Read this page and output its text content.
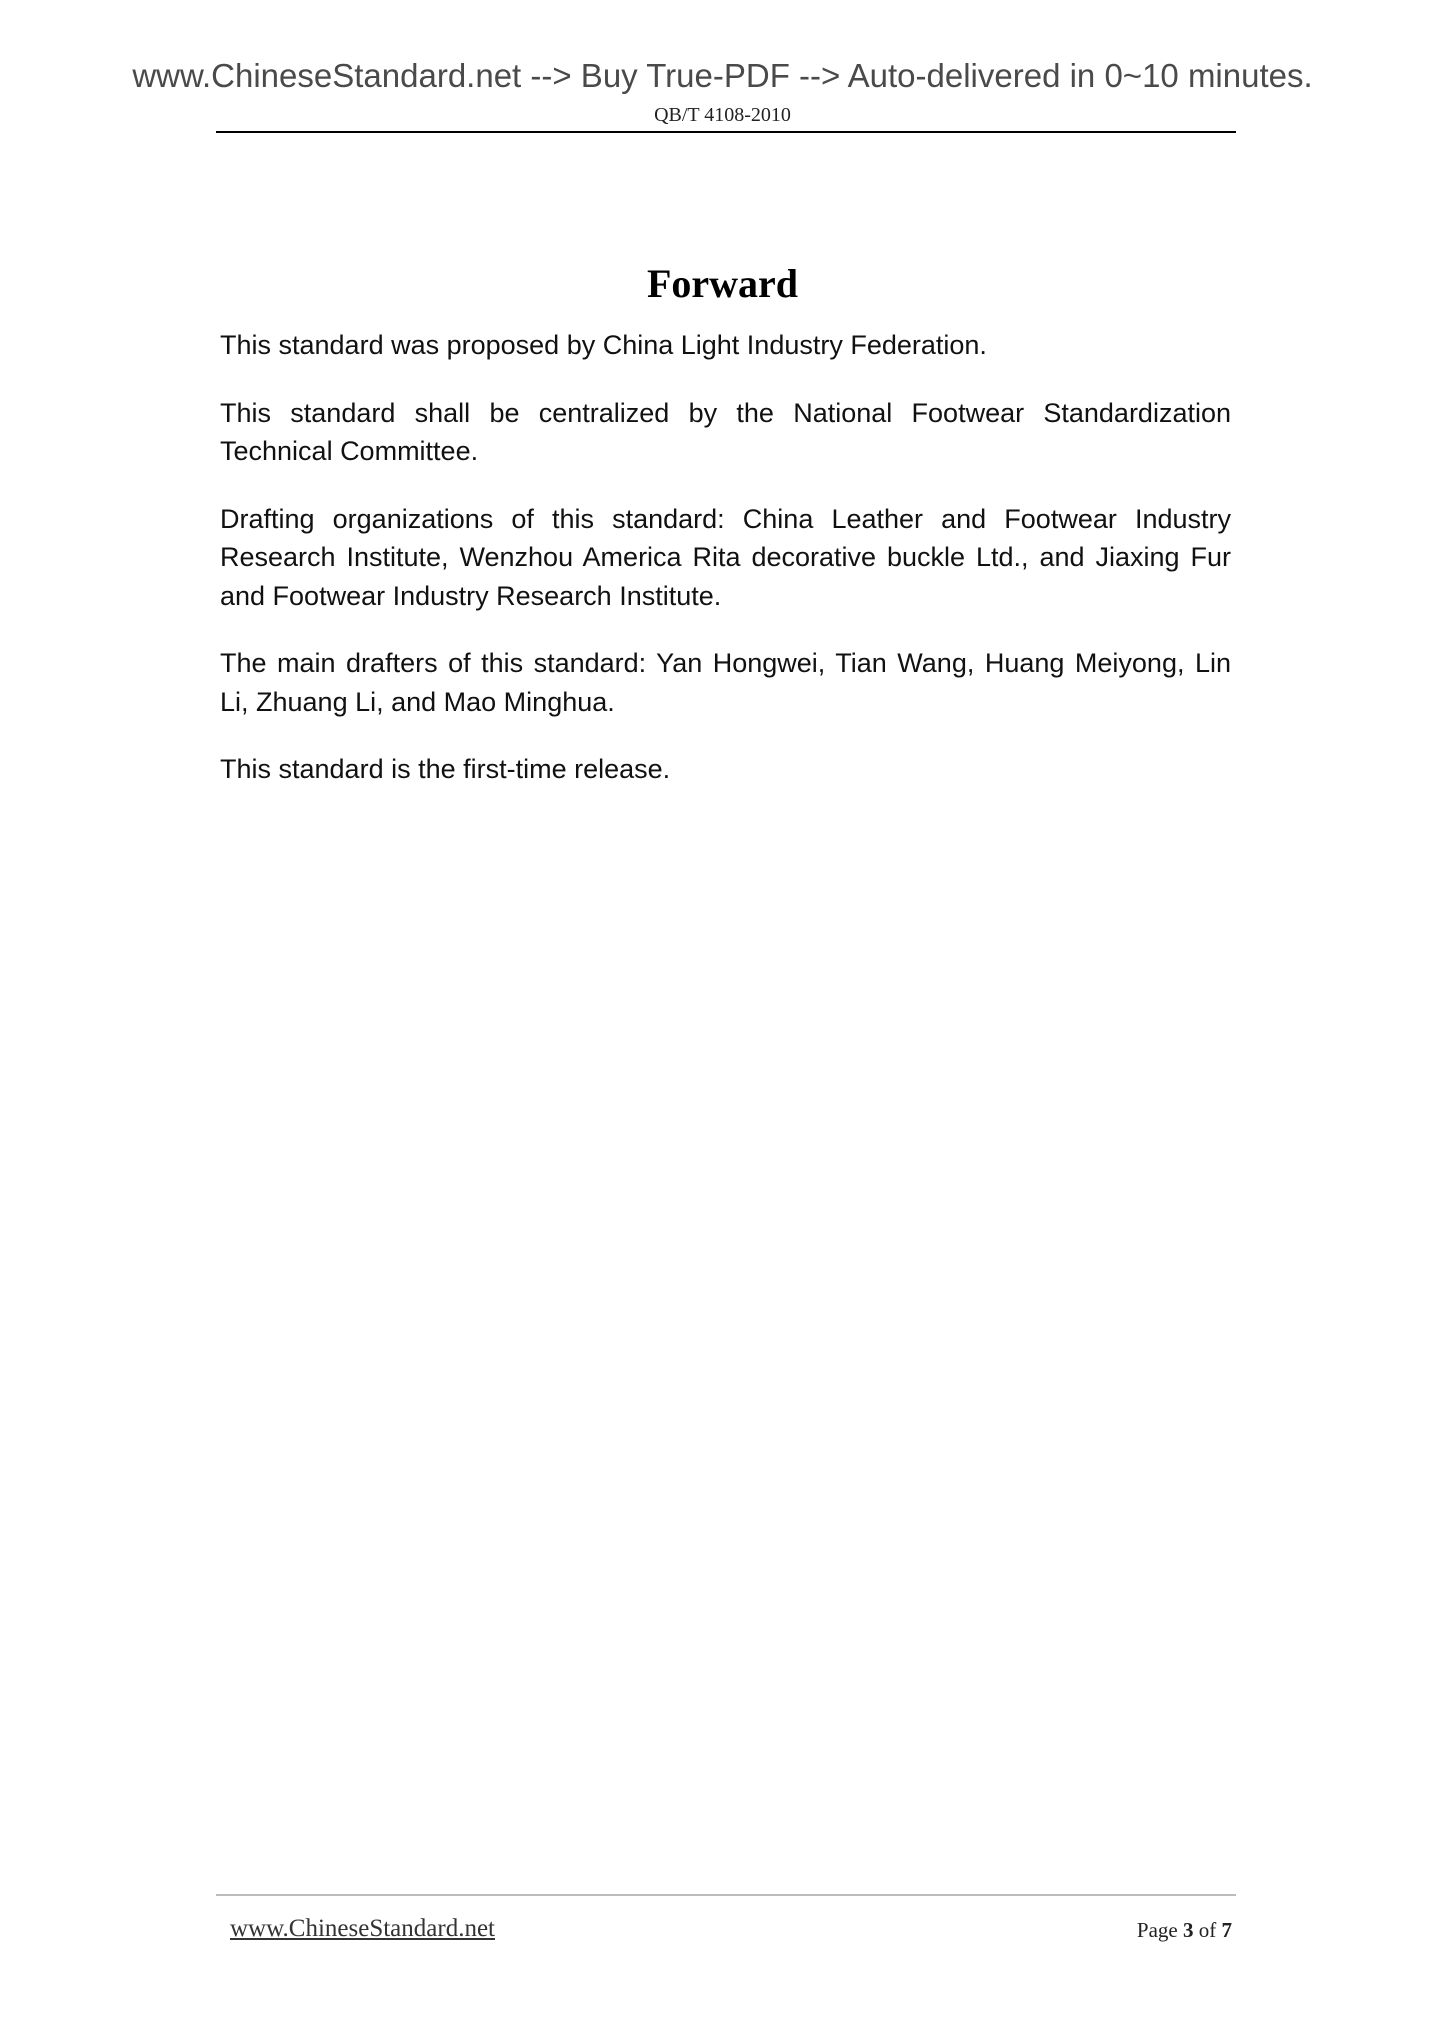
www.ChineseStandard.net --> Buy True-PDF --> Auto-delivered in 0~10 minutes.
QB/T 4108-2010
Forward

This standard was proposed by China Light Industry Federation.

This standard shall be centralized by the National Footwear Standardization Technical Committee.

Drafting organizations of this standard: China Leather and Footwear Industry Research Institute, Wenzhou America Rita decorative buckle Ltd., and Jiaxing Fur and Footwear Industry Research Institute.

The main drafters of this standard: Yan Hongwei, Tian Wang, Huang Meiyong, Lin Li, Zhuang Li, and Mao Minghua.

This standard is the first-time release.

www.ChineseStandard.net	Page 3 of 7
